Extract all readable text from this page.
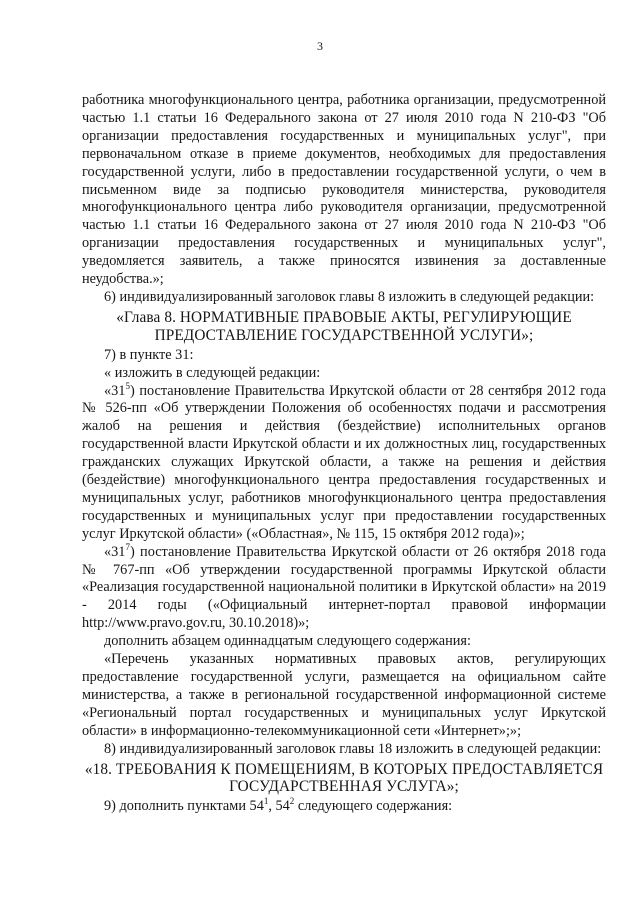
3

работника многофункционального центра, работника организации, предусмотренной частью 1.1 статьи 16 Федерального закона от 27 июля 2010 года N 210-ФЗ "Об организации предоставления государственных и муниципальных услуг", при первоначальном отказе в приеме документов, необходимых для предоставления государственной услуги, либо в предоставлении государственной услуги, о чем в письменном виде за подписью руководителя министерства, руководителя многофункционального центра либо руководителя организации, предусмотренной частью 1.1 статьи 16 Федерального закона от 27 июля 2010 года N 210-ФЗ "Об организации предоставления государственных и муниципальных услуг", уведомляется заявитель, а также приносятся извинения за доставленные неудобства.»;

6) индивидуализированный заголовок главы 8 изложить в следующей редакции:

«Глава 8. НОРМАТИВНЫЕ ПРАВОВЫЕ АКТЫ, РЕГУЛИРУЮЩИЕ ПРЕДОСТАВЛЕНИЕ ГОСУДАРСТВЕННОЙ УСЛУГИ»;

7) в пункте 31:

« изложить в следующей редакции:

«$31^5$) постановление Правительства Иркутской области от 28 сентября 2012 года № 526-пп «Об утверждении Положения об особенностях подачи и рассмотрения жалоб на решения и действия (бездействие) исполнительных органов государственной власти Иркутской области и их должностных лиц, государственных гражданских служащих Иркутской области, а также на решения и действия (бездействие) многофункционального центра предоставления государственных и муниципальных услуг, работников многофункционального центра предоставления государственных и муниципальных услуг при предоставлении государственных услуг Иркутской области» («Областная», № 115, 15 октября 2012 года)»;

«$31^7$) постановление Правительства Иркутской области от 26 октября 2018 года № 767-пп «Об утверждении государственной программы Иркутской области «Реализация государственной национальной политики в Иркутской области» на 2019 - 2014 годы («Официальный интернет-портал правовой информации http://www.pravo.gov.ru, 30.10.2018)»;

дополнить абзацем одиннадцатым следующего содержания:

«Перечень указанных нормативных правовых актов, регулирующих предоставление государственной услуги, размещается на официальном сайте министерства, а также в региональной государственной информационной системе «Региональный портал государственных и муниципальных услуг Иркутской области» в информационно-телекоммуникационной сети «Интернет»;»;

8) индивидуализированный заголовок главы 18 изложить в следующей редакции:

«18. ТРЕБОВАНИЯ К ПОМЕЩЕНИЯМ, В КОТОРЫХ ПРЕДОСТАВЛЯЕТСЯ ГОСУДАРСТВЕННАЯ УСЛУГА»;

9) дополнить пунктами $54^1$, $54^2$ следующего содержания:
